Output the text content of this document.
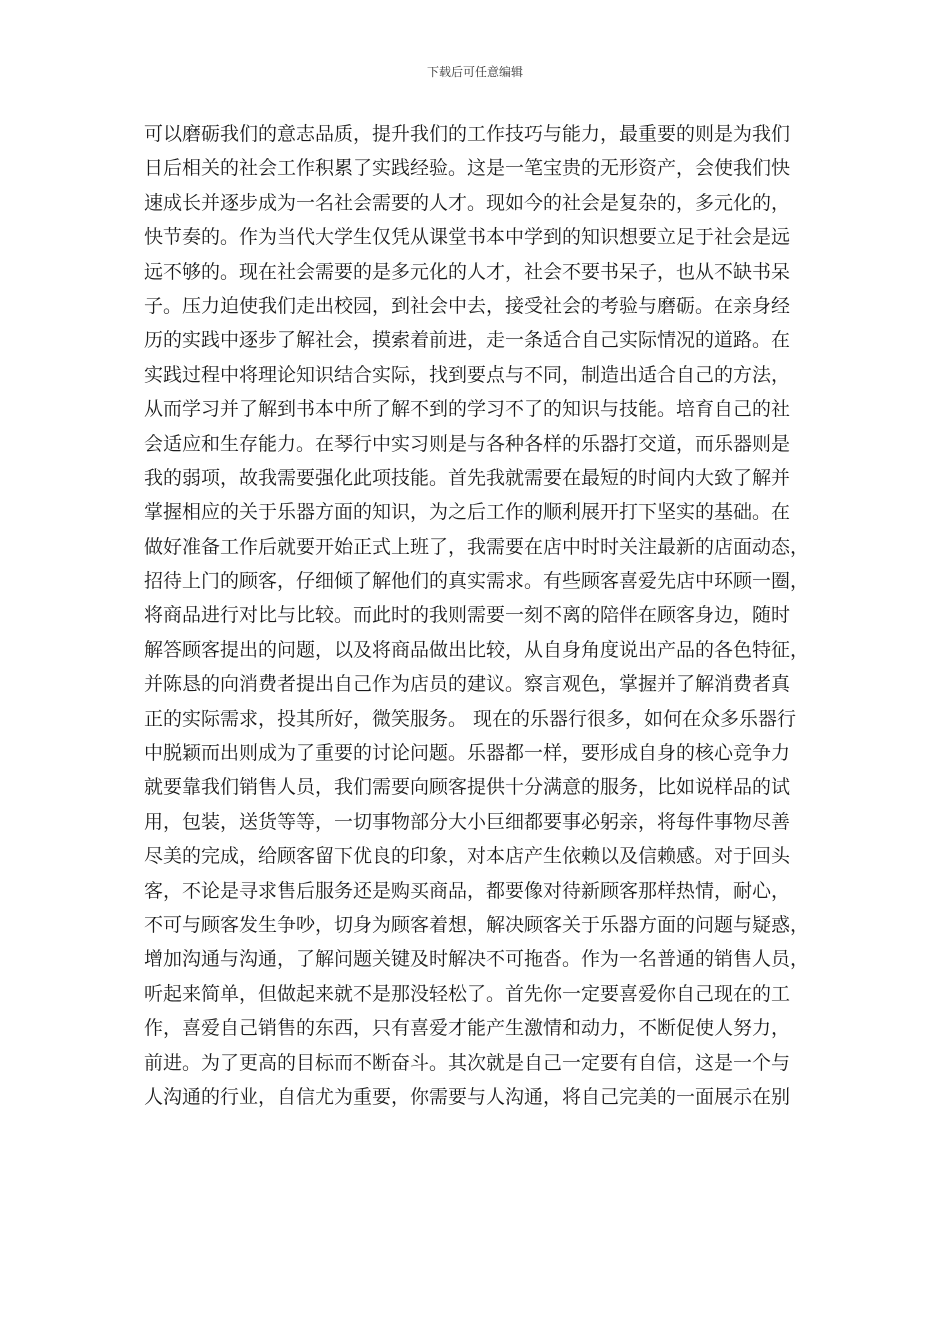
下载后可任意编辑
可以磨砺我们的意志品质，提升我们的工作技巧与能力，最重要的则是为我们
日后相关的社会工作积累了实践经验。这是一笔宝贵的无形资产，会使我们快
速成长并逐步成为一名社会需要的人才。现如今的社会是复杂的，多元化的，
快节奏的。作为当代大学生仅凭从课堂书本中学到的知识想要立足于社会是远
远不够的。现在社会需要的是多元化的人才，社会不要书呆子，也从不缺书呆
子。压力迫使我们走出校园，到社会中去，接受社会的考验与磨砺。在亲身经
历的实践中逐步了解社会，摸索着前进，走一条适合自己实际情况的道路。在
实践过程中将理论知识结合实际，找到要点与不同，制造出适合自己的方法，
从而学习并了解到书本中所了解不到的学习不了的知识与技能。培育自己的社
会适应和生存能力。在琴行中实习则是与各种各样的乐器打交道，而乐器则是
我的弱项，故我需要强化此项技能。首先我就需要在最短的时间内大致了解并
掌握相应的关于乐器方面的知识，为之后工作的顺利展开打下坚实的基础。在
做好准备工作后就要开始正式上班了，我需要在店中时时关注最新的店面动态，
招待上门的顾客，仔细倾了解他们的真实需求。有些顾客喜爱先店中环顾一圈，
将商品进行对比与比较。而此时的我则需要一刻不离的陪伴在顾客身边，随时
解答顾客提出的问题，以及将商品做出比较，从自身角度说出产品的各色特征，
并陈恳的向消费者提出自己作为店员的建议。察言观色，掌握并了解消费者真
正的实际需求，投其所好，微笑服务。 现在的乐器行很多，如何在众多乐器行
中脱颖而出则成为了重要的讨论问题。乐器都一样，要形成自身的核心竞争力
就要靠我们销售人员，我们需要向顾客提供十分满意的服务，比如说样品的试
用，包装，送货等等，一切事物部分大小巨细都要事必躬亲，将每件事物尽善
尽美的完成，给顾客留下优良的印象，对本店产生依赖以及信赖感。对于回头
客，不论是寻求售后服务还是购买商品，都要像对待新顾客那样热情，耐心，
不可与顾客发生争吵，切身为顾客着想，解决顾客关于乐器方面的问题与疑惑，
增加沟通与沟通，了解问题关键及时解决不可拖沓。作为一名普通的销售人员，
听起来简单，但做起来就不是那没轻松了。首先你一定要喜爱你自己现在的工
作，喜爱自己销售的东西，只有喜爱才能产生激情和动力，不断促使人努力，
前进。为了更高的目标而不断奋斗。其次就是自己一定要有自信，这是一个与
人沟通的行业，自信尤为重要，你需要与人沟通，将自己完美的一面展示在别
